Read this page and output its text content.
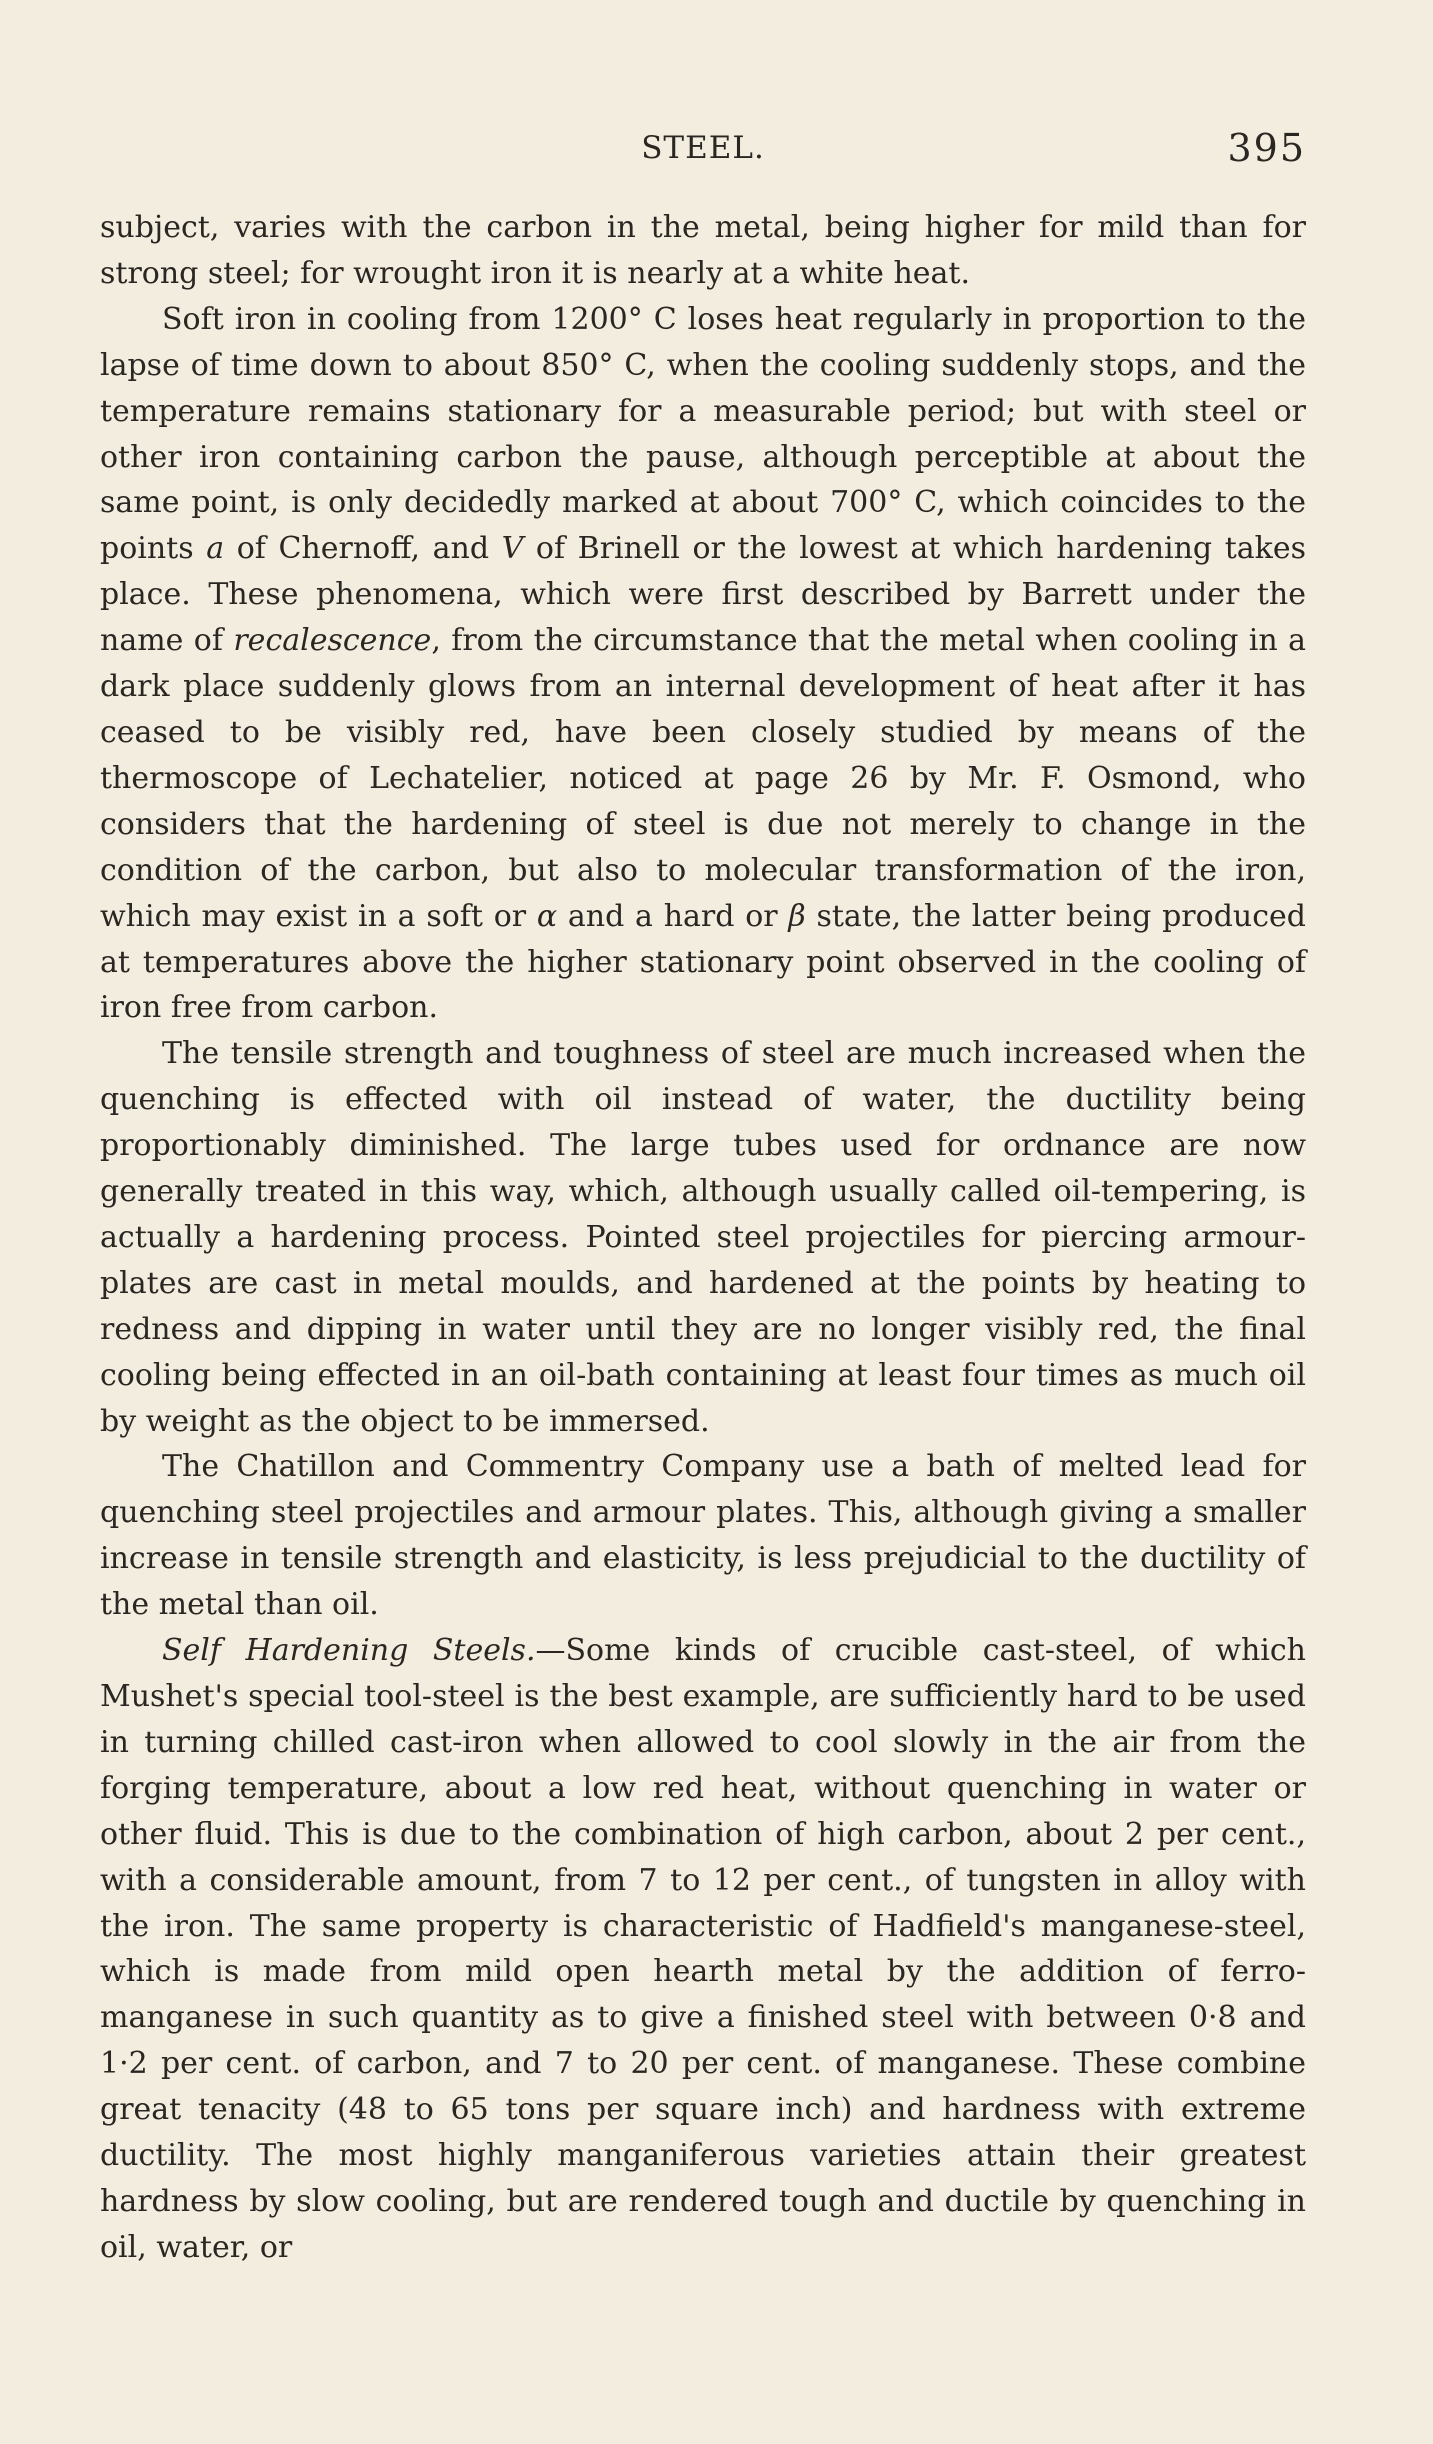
STEEL.	395

subject, varies with the carbon in the metal, being higher for mild than for strong steel; for wrought iron it is nearly at a white heat.

Soft iron in cooling from 1200° C loses heat regularly in proportion to the lapse of time down to about 850° C, when the cooling suddenly stops, and the temperature remains stationary for a measurable period; but with steel or other iron containing carbon the pause, although perceptible at about the same point, is only decidedly marked at about 700° C, which coincides to the points a of Chernoff, and V of Brinell or the lowest at which hardening takes place. These phenomena, which were first described by Barrett under the name of recalescence, from the circumstance that the metal when cooling in a dark place suddenly glows from an internal development of heat after it has ceased to be visibly red, have been closely studied by means of the thermoscope of Lechatelier, noticed at page 26 by Mr. F. Osmond, who considers that the hardening of steel is due not merely to change in the condition of the carbon, but also to molecular transformation of the iron, which may exist in a soft or α and a hard or β state, the latter being produced at temperatures above the higher stationary point observed in the cooling of iron free from carbon.

The tensile strength and toughness of steel are much increased when the quenching is effected with oil instead of water, the ductility being proportionably diminished. The large tubes used for ordnance are now generally treated in this way, which, although usually called oil-tempering, is actually a hardening process. Pointed steel projectiles for piercing armour-plates are cast in metal moulds, and hardened at the points by heating to redness and dipping in water until they are no longer visibly red, the final cooling being effected in an oil-bath containing at least four times as much oil by weight as the object to be immersed.

The Chatillon and Commentry Company use a bath of melted lead for quenching steel projectiles and armour plates. This, although giving a smaller increase in tensile strength and elasticity, is less prejudicial to the ductility of the metal than oil.

Self Hardening Steels.—Some kinds of crucible cast-steel, of which Mushet's special tool-steel is the best example, are sufficiently hard to be used in turning chilled cast-iron when allowed to cool slowly in the air from the forging temperature, about a low red heat, without quenching in water or other fluid. This is due to the combination of high carbon, about 2 per cent., with a considerable amount, from 7 to 12 per cent., of tungsten in alloy with the iron. The same property is characteristic of Hadfield's manganese-steel, which is made from mild open hearth metal by the addition of ferro-manganese in such quantity as to give a finished steel with between 0·8 and 1·2 per cent. of carbon, and 7 to 20 per cent. of manganese. These combine great tenacity (48 to 65 tons per square inch) and hardness with extreme ductility. The most highly manganiferous varieties attain their greatest hardness by slow cooling, but are rendered tough and ductile by quenching in oil, water, or
